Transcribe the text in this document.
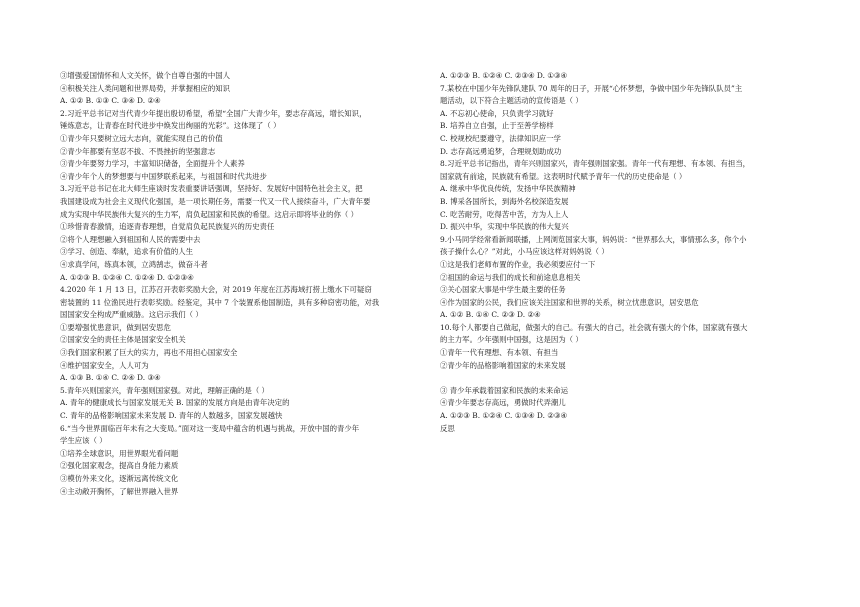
③增强爱国情怀和人文关怀，做个自尊自强的中国人
④积极关注人类问题和世界局势，并掌握相应的知识
A. ①② B. ①③ C. ③④ D. ②④
2.习近平总书记对当代青少年提出殷切希望，希望“全国广大青少年，要志存高远，增长知识，
锤炼意志，让青春在时代进步中焕发出绚丽的光彩”。这体现了（ ）
①青少年只要树立远大志向，就能实现自己的价值
②青少年都要有坚忍不拔、不畏挫折的坚强意志
③青少年要努力学习，丰富知识储备，全面提升个人素养
④青少年个人的梦想要与中国梦联系起来，与祖国和时代共进步
3.习近平总书记在北大师生座谈时发表重要讲话强调，坚持好、发展好中国特色社会主义，把
我国建设成为社会主义现代化强国，是一项长期任务，需要一代又一代人接续奋斗，广大青年要
成为实现中华民族伟大复兴的生力军，肩负起国家和民族的希望。这启示即将毕业的你（ ）
①珍惜青春激情，追逐青春理想，自觉肩负起民族复兴的历史责任
②将个人理想融入到祖国和人民的需要中去
③学习、创造、奉献，追求有价值的人生
④求真学问，练真本领，立鸿鹄志，做奋斗者
A. ①②③ B. ①②④ C. ①②④ D. ①②③④
4.2020 年 1 月 13 日，江苏召开表彰奖励大会，对 2019 年度在江苏海域打捞上缴水下可疑窃
密装置的 11 位渔民进行表彰奖励。经鉴定，其中 7 个装置系他国制造，具有多种窃密功能，对我
国国家安全构成严重威胁。这启示我们（ ）
①要增强忧患意识，做到居安思危
②国家安全的责任主体是国家安全机关
③我们国家积累了巨大的实力，再也不用担心国家安全
④维护国家安全，人人可为
A. ①③ B. ①④ C. ②④ D. ③④
5.青年兴则国家兴，青年强则国家强。对此，理解正确的是（ ）
A. 青年的健康成长与国家发展无关 B. 国家的发展方向是由青年决定的
C. 青年的品格影响国家未来发展 D. 青年的人数越多，国家发展越快
6.“当今世界面临百年未有之大变局。”面对这一变局中蕴含的机遇与挑战，开放中国的青少年
学生应该（ ）
①培养全球意识，用世界眼光看问题
②强化国家观念，提高自身能力素质
③模仿外来文化，逐渐远离传统文化
④主动敞开胸怀，了解世界融入世界
A. ①②③ B. ①②④ C. ②③④ D. ①③④
7.某校在中国少年先锋队建队 70 周年的日子，开展“心怀梦想，争做中国少年先锋队队员”主
题活动，以下符合主题活动的宣传语是（ ）
A. 不忘初心使命，只负责学习就好
B. 培养自立自强，止于至善学榜样
C. 校规校纪要遵守，法律知识应一学
D. 志存高远勇追梦，合理规划助成功
8.习近平总书记指出，青年兴则国家兴，青年强则国家强。青年一代有理想、有本领、有担当，
国家就有前途，民族就有希望。这表明时代赋予青年一代的历史使命是（ ）
A. 继承中华优良传统，发扬中华民族精神
B. 博采各国所长，到海外名校深造发展
C. 吃苦耐劳，吃得苦中苦，方为人上人
D. 振兴中华，实现中华民族的伟大复兴
9.小马同学经常看新闻联播，上网浏览国家大事，妈妈说：“世界那么大，事情那么多，你个小
孩子操什么心？”对此，小马应该这样对妈妈说（ ）
①这是我们老师布置的作业，我必须要应付一下
②祖国的命运与我们的成长和前途息息相关
③关心国家大事是中学生最主要的任务
④作为国家的公民，我们应该关注国家和世界的关系，树立忧患意识，居安思危
A. ①② B. ①④ C. ②③ D. ②④
10.每个人都要自己做起，做强大的自己。有强大的自己，社会就有强大的个体，国家就有强大
的主力军。少年强则中国强，这是因为（ ）
①青年一代有理想、有本领、有担当
②青少年的品格影响着国家的未来发展
③ 青少年承载着国家和民族的未来命运
④青少年要志存高远，勇做时代弄潮儿
A. ①②③ B. ①②④ C. ①③④ D. ②③④
反思
